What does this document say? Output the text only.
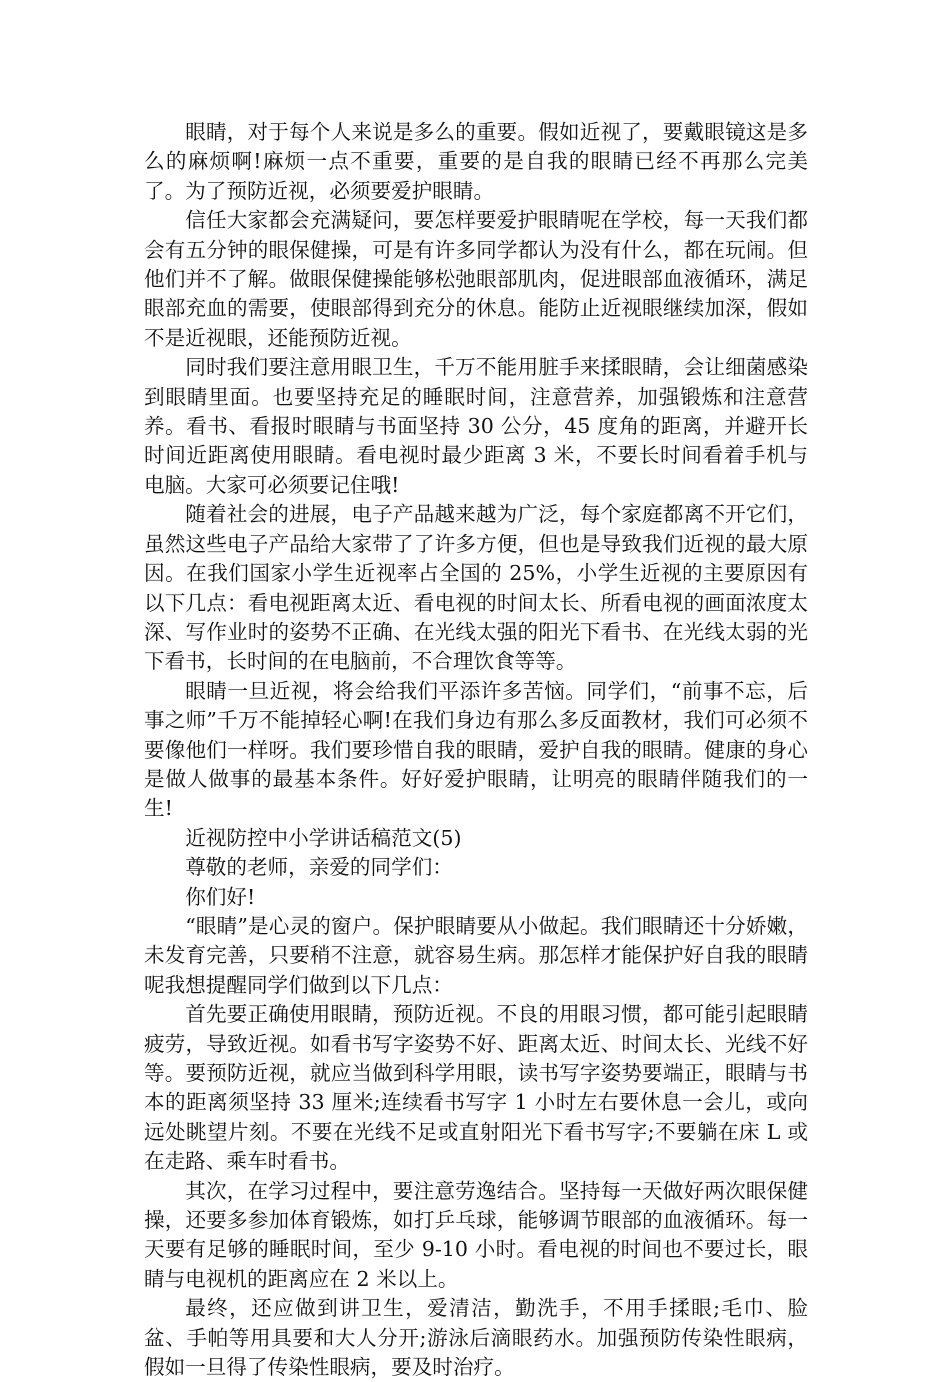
眼睛，对于每个人来说是多么的重要。假如近视了，要戴眼镜这是多么的麻烦啊!麻烦一点不重要，重要的是自我的眼睛已经不再那么完美了。为了预防近视，必须要爱护眼睛。

信任大家都会充满疑问，要怎样要爱护眼睛呢在学校，每一天我们都会有五分钟的眼保健操，可是有许多同学都认为没有什么，都在玩闹。但他们并不了解。做眼保健操能够松弛眼部肌肉，促进眼部血液循环，满足眼部充血的需要，使眼部得到充分的休息。能防止近视眼继续加深，假如不是近视眼，还能预防近视。

同时我们要注意用眼卫生，千万不能用脏手来揉眼睛，会让细菌感染到眼睛里面。也要坚持充足的睡眠时间，注意营养，加强锻炼和注意营养。看书、看报时眼睛与书面坚持 30 公分，45 度角的距离，并避开长时间近距离使用眼睛。看电视时最少距离 3 米，不要长时间看着手机与电脑。大家可必须要记住哦!

随着社会的进展，电子产品越来越为广泛，每个家庭都离不开它们，虽然这些电子产品给大家带了了许多方便，但也是导致我们近视的最大原因。在我们国家小学生近视率占全国的 25%，小学生近视的主要原因有以下几点：看电视距离太近、看电视的时间太长、所看电视的画面浓度太深、写作业时的姿势不正确、在光线太强的阳光下看书、在光线太弱的光下看书，长时间的在电脑前，不合理饮食等等。

眼睛一旦近视，将会给我们平添许多苦恼。同学们，“前事不忘，后事之师”千万不能掉轻心啊!在我们身边有那么多反面教材，我们可必须不要像他们一样呀。我们要珍惜自我的眼睛，爱护自我的眼睛。健康的身心是做人做事的最基本条件。好好爱护眼睛，让明亮的眼睛伴随我们的一生!

近视防控中小学讲话稿范文(5)

尊敬的老师，亲爱的同学们：

你们好!

“眼睛”是心灵的窗户。保护眼睛要从小做起。我们眼睛还十分娇嫩，未发育完善，只要稍不注意，就容易生病。那怎样才能保护好自我的眼睛呢我想提醒同学们做到以下几点：

首先要正确使用眼睛，预防近视。不良的用眼习惯，都可能引起眼睛疲劳，导致近视。如看书写字姿势不好、距离太近、时间太长、光线不好等。要预防近视，就应当做到科学用眼，读书写字姿势要端正，眼睛与书本的距离须坚持 33 厘米;连续看书写字 1 小时左右要休息一会儿，或向远处眺望片刻。不要在光线不足或直射阳光下看书写字;不要躺在床 L 或在走路、乘车时看书。

其次，在学习过程中，要注意劳逸结合。坚持每一天做好两次眼保健操，还要多参加体育锻炼，如打乒乓球，能够调节眼部的血液循环。每一天要有足够的睡眠时间，至少 9-10 小时。看电视的时间也不要过长，眼睛与电视机的距离应在 2 米以上。

最终，还应做到讲卫生，爱清洁，勤洗手，不用手揉眼;毛巾、脸盆、手帕等用具要和大人分开;游泳后滴眼药水。加强预防传染性眼病，假如一旦得了传染性眼病，要及时治疗。
